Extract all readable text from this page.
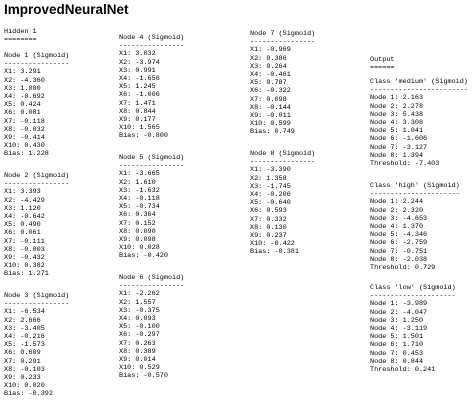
ImprovedNeuralNet

Hidden 1
========

Node 1 (Sigmoid)
----------------
X1: 3.291
X2: -4.360
X3: 1.000
X4: -0.692
X5: 0.424
X6: 0.081
X7: -0.118
X8: -0.032
X9: -0.414
X10: 0.430
Bias: 1.228

Node 2 (Sigmoid)
----------------
X1: 3.393
X2: -4.429
X3: 1.120
X4: -0.642
X5: 0.490
X6: 0.061
X7: -0.111
X8: -0.003
X9: -0.432
X10: 0.382
Bias: 1.271

Node 3 (Sigmoid)
----------------
X1: -6.534
X2: 2.666
X3: -3.405
X4: -0.216
X5: -1.573
X6: 0.609
X7: 0.291
X8: -0.103
X9: 0.233
X10: 0.020
Bias: -0.392

Node 4 (Sigmoid)
----------------
X1: 3.032
X2: -3.974
X3: 0.991
X4: -1.656
X5: 1.245
X6: -1.006
X7: 1.471
X8: 0.844
X9: 0.177
X10: 1.565
Bias: -0.800

Node 5 (Sigmoid)
----------------
X1: -3.665
X2: 1.610
X3: -1.632
X4: -0.118
X5: -0.734
X6: 0.364
X7: 0.152
X8: 0.090
X9: 0.098
X10: 0.028
Bias: -0.420

Node 6 (Sigmoid)
----------------
X1: -2.262
X2: 1.557
X3: -0.375
X4: 0.093
X5: -0.100
X6: -0.297
X7: 0.263
X8: 0.389
X9: 0.014
X10: 0.529
Bias: -0.570

Node 7 (Sigmoid)
----------------
X1: -0.969
X2: 0.386
X3: 0.264
X4: -0.461
X5: 0.787
X6: -0.322
X7: 0.098
X8: -0.144
X9: -0.011
X10: 0.599
Bias: 0.749

Node 8 (Sigmoid)
----------------
X1: -3.390
X2: 1.358
X3: -1.745
X4: -0.206
X5: -0.640
X6: 0.593
X7: 0.332
X8: 0.130
X9: 0.237
X10: -0.422
Bias: -0.381

Output
======

Class 'medium' (Sigmoid)
------------------------
Node 1: 2.163
Node 2: 2.278
Node 3: 5.438
Node 4: 3.308
Node 5: 1.041
Node 6: -1.606
Node 7: -3.127
Node 8: 1.394
Threshold: -7.403

Class 'high' (Sigmoid)
----------------------
Node 1: 2.244
Node 2: 2.320
Node 3: -4.653
Node 4: 1.370
Node 5: -4.346
Node 6: -2.759
Node 7: -0.751
Node 8: -2.038
Threshold: 0.729

Class 'low' (Sigmoid)
---------------------
Node 1: -3.989
Node 2: -4.047
Node 3: 1.250
Node 4: -3.119
Node 5: 1.501
Node 6: 1.710
Node 7: 0.453
Node 8: 0.844
Threshold: 0.241
